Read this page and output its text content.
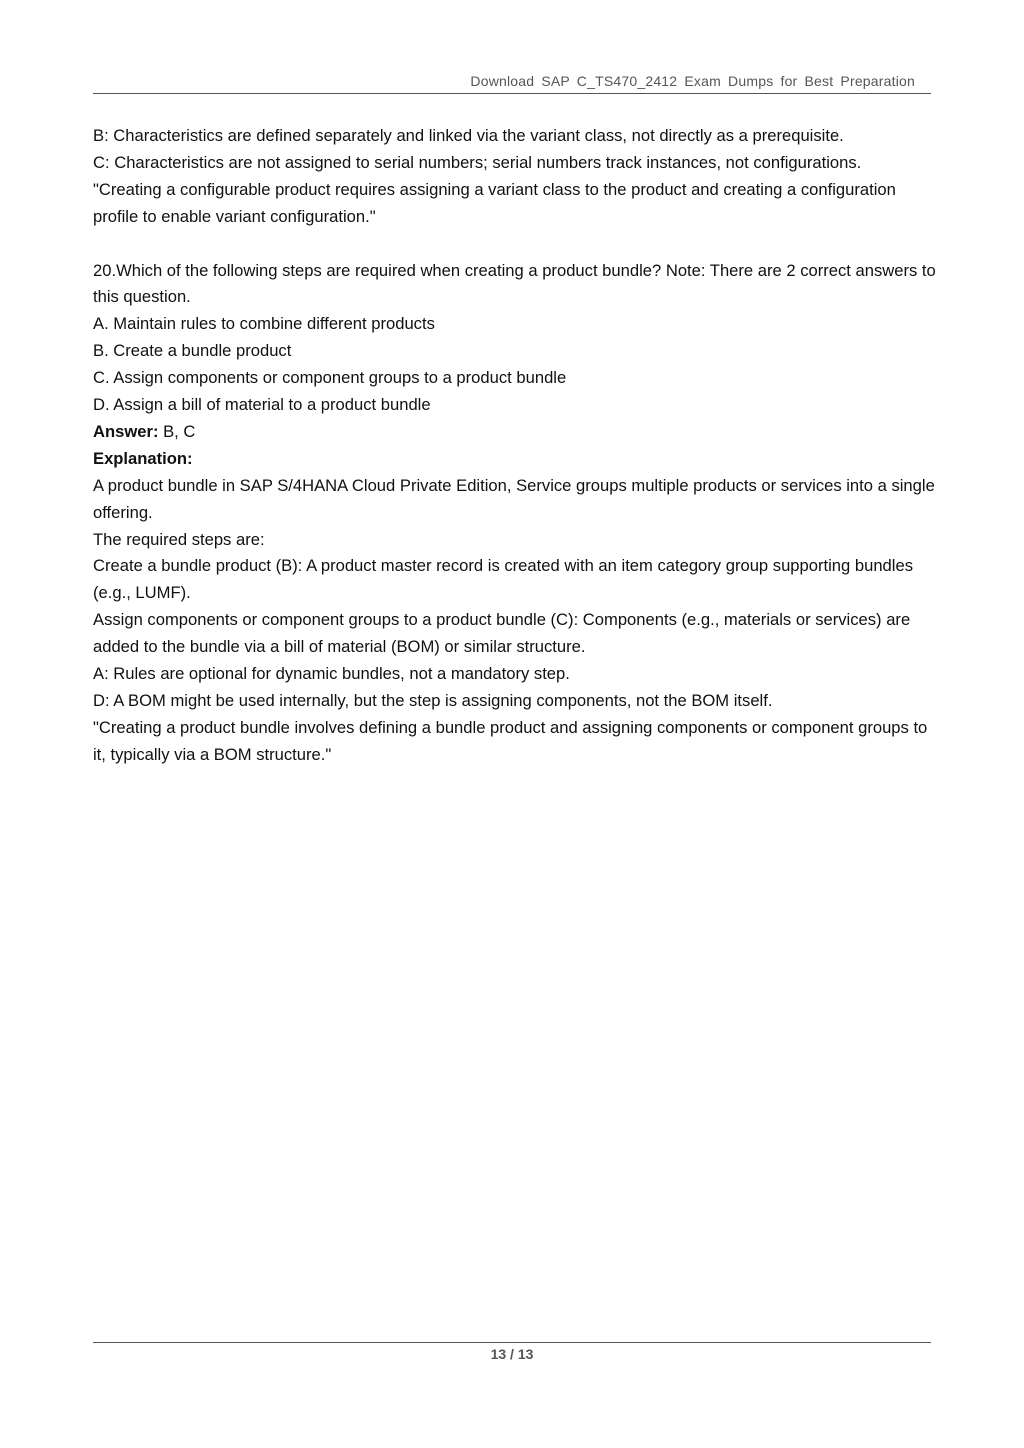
Download SAP C_TS470_2412 Exam Dumps for Best Preparation

B: Characteristics are defined separately and linked via the variant class, not directly as a prerequisite.

C: Characteristics are not assigned to serial numbers; serial numbers track instances, not configurations.

"Creating a configurable product requires assigning a variant class to the product and creating a configuration profile to enable variant configuration."

20.Which of the following steps are required when creating a product bundle? Note: There are 2 correct answers to this question.

A. Maintain rules to combine different products

B. Create a bundle product

C. Assign components or component groups to a product bundle

D. Assign a bill of material to a product bundle

Answer: B, C

Explanation:

A product bundle in SAP S/4HANA Cloud Private Edition, Service groups multiple products or services into a single offering.

The required steps are:

Create a bundle product (B): A product master record is created with an item category group supporting bundles (e.g., LUMF).

Assign components or component groups to a product bundle (C): Components (e.g., materials or services) are added to the bundle via a bill of material (BOM) or similar structure.

A: Rules are optional for dynamic bundles, not a mandatory step.

D: A BOM might be used internally, but the step is assigning components, not the BOM itself.

"Creating a product bundle involves defining a bundle product and assigning components or component groups to it, typically via a BOM structure."

13 / 13
